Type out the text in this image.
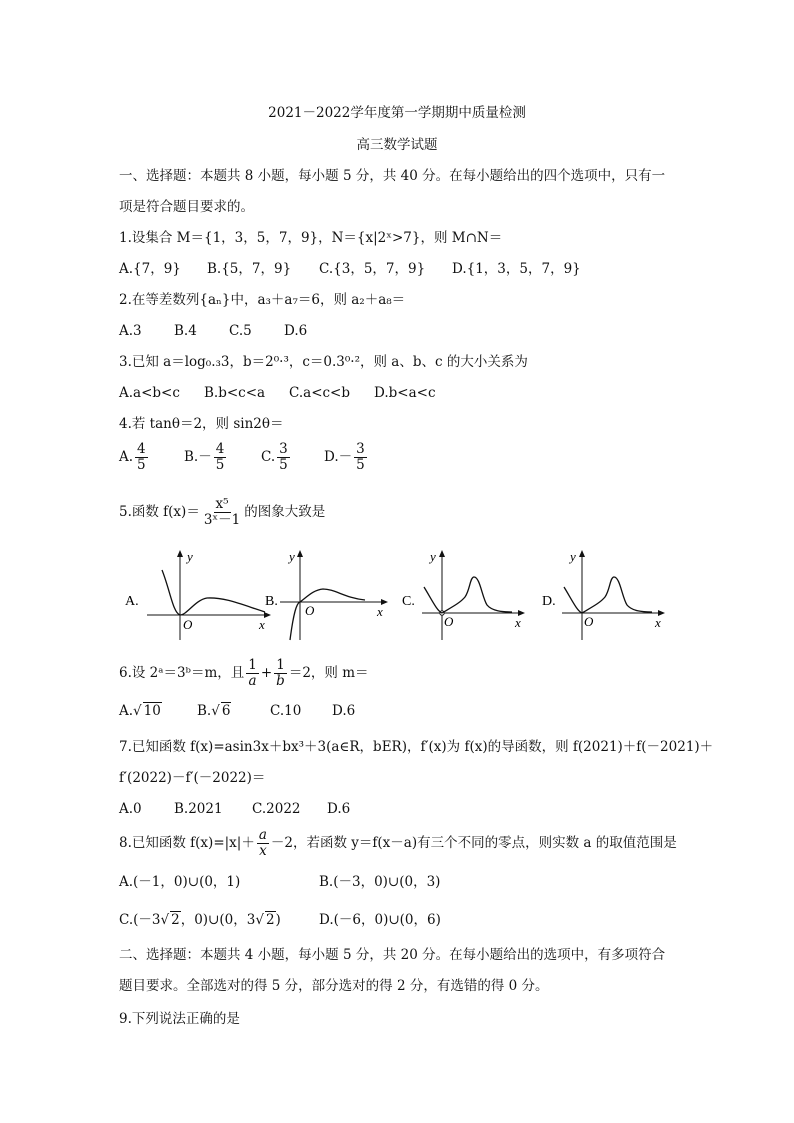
2021－2022学年度第一学期期中质量检测
高三数学试题
一、选择题：本题共 8 小题，每小题 5 分，共 40 分。在每小题给出的四个选项中，只有一
项是符合题目要求的。
1.设集合 M＝{1，3，5，7，9}，N＝{x|2ˣ>7}，则 M∩N＝
A.{7，9} B.{5，7，9} C.{3，5，7，9} D.{1，3，5，7，9}
2.在等差数列{aₙ}中，a₃＋a₇＝6，则 a₂＋a₈＝
A.3 B.4 C.5 D.6
3.已知 a＝log₀.₃3，b＝2⁰·³，c＝0.3⁰·²，则 a、b、c 的大小关系为
A.a<b<c B.b<c<a C.a<c<b D.b<a<c
4.若 tanθ＝2，则 sin2θ＝
A. $\frac{4}{5}$	$B.- \frac{4}{5}$	C. $\frac{3}{5}$	$D.- \frac{3}{5}$
5.函数 $f(x)= \frac{\text{x⁵}}{\text{3ˣ－1}}$ 的图象大致是
A.
y
O	x
B.
y
O	x
C.
y
O	x
D.
y
O	x
6.设 2ᵃ＝3ᵇ＝m，且 $\frac{1}{a} + \frac{1}{b} =2$，则 m＝
A.√ 10	B.√ 6	C.10 D.6
7.已知函数 f(x)=asin3x＋bx³＋3(a∈R，bER)，f′(x)为 f(x)的导函数，则 f(2021)＋f(－2021)＋
f′(2022)－f′(－2022)＝
A.0 B.2021 C.2022 D.6
8.已知函数 $f(x)=|x|+ \frac{a}{x} -2$，若函数 y＝f(x－a)有三个不同的零点，则实数 a 的取值范围是
A.(－1，0)∪(0，1)	B.(－3，0)∪(0，3)
C.(－3√ 2，0)∪(0，3√ 2)	D.(－6，0)∪(0，6)
二、选择题：本题共 4 小题，每小题 5 分，共 20 分。在每小题给出的选项中，有多项符合
题目要求。全部选对的得 5 分，部分选对的得 2 分，有选错的得 0 分。
9.下列说法正确的是
